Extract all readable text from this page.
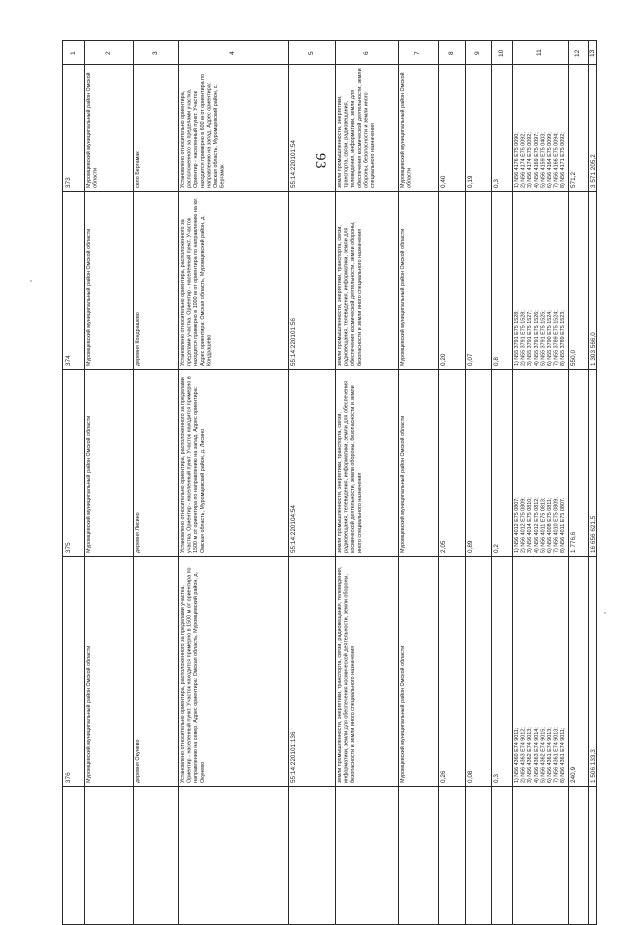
93
1	2	3	4	5	6	7	8	9	10	11	12 13
373	Муромцевский муниципальный район Омской области	село Бергамак	Установлено относительно ориентира, расположенного за пределами участка. Ориентир - населенный пункт. Участок находится примерно в 600 м от ориентира по направлению на запад. Адрес ориентира: Омская область, Муромцевский район, с. Бергамак	55:14:220101:54	земли промышленности, энергетики, транспорта, связи, радиовещания, телевидения, информатики, земли для обеспечения космической деятельности, земли обороны, безопасности и земли иного специального назначения	Муромцевский муниципальный район Омской области	0,40	0,19	0,3	1) N56 4176 E75 0090;
2) N56 4174 E75 0092;
3) N56 4174 E75 0092;
4) N56 4169 E75 0097;
5) N56 4159 E75 0403;
6) N56 4164 E75 0099;
7) N56 4166 E75 0094;
8) N56 4171 E75 0092;

571,2	3 571 205,2
374	Муромцевский муниципальный район Омской области	деревня Кондрашево	Установлено относительно ориентира, расположенного за пределами участка. Ориентир - населенный пункт. Участок находится примерно в 1000 м от ориентира по направлению на юг. Адрес ориентира: Омская область, Муромцевский район, д. Кондрашево	55:14:220101:56	земли промышленности, энергетики, транспорта, связи, радиовещания, телевидения, информатики, земли для обеспечения космической деятельности, земли обороны, безопасности и земли иного специального назначения	Муромцевский муниципальный район Омской области	0,20	0,07	0,8	1) N55 3791 E75 1528;
2) N55 3791 E75 1528;
3) N55 3791 E75 1527;
4) N55 3791 E75 1526;
5) N55 3791 E75 1525;
6) N55 3790 E75 1524;
7) N55 3789 E75 1524;
8) N55 3789 E75 1523;

550,0	1 303 566,0
375	Муромцевский муниципальный район Омской области	деревня Лисино	Установлено относительно ориентира, расположенного за пределами участка. Ориентир - населенный пункт. Участок находится примерно в 1500 м от ориентира по направлению на запад. Адрес ориентира: Омская область, Муромцевский район, д. Лисино	55:14:220104:54	земли промышленности, энергетики, транспорта, связи, радиовещания, телевидения, информатики, земли для обеспечения космической деятельности, земли обороны, безопасности и земли иного специального назначения	Муромцевский муниципальный район Омской области	2,05	0,89	0,2	1) N56 4012 E75 0807;
2) N56 4012 E75 0809;
3) N56 4014 E75 0810;
4) N56 4012 E75 0812;
5) N56 4011 E75 0813;
6) N56 4008 E75 0811;
7) N56 4010 E75 0809;
8) N56 4011 E75 0807.
1 776,6	16 656 621,5
376	Муромцевский муниципальный район Омской области	деревня Окунево	Установлено относительно ориентира, расположенного за пределами участка. Ориентир - населенный пункт. Участок находится примерно в 1500 м от ориентира по направлению на север. Адрес ориентира: Омская область, Муромцевский район, д. Окунево	55:14:220101:136	земли промышленности, энергетики, транспорта, связи, радиовещания, телевидения, информатики, земли для обеспечения космической деятельности, земли обороны, безопасности и земли иного специального назначения	Муромцевский муниципальный район Омской области	0,26	0,08	0,3	1) N56 4360 E74 9011;
2) N56 4363 E74 9012;
3) N56 4362 E74 9013;
4) N56 4363 E74 9014;
5) N56 4362 E74 9015;
6) N56 4361 E74 9013;
7) N56 4361 E74 9013;
8) N56 4361 E74 9011;

240,9	1 506 133,3
